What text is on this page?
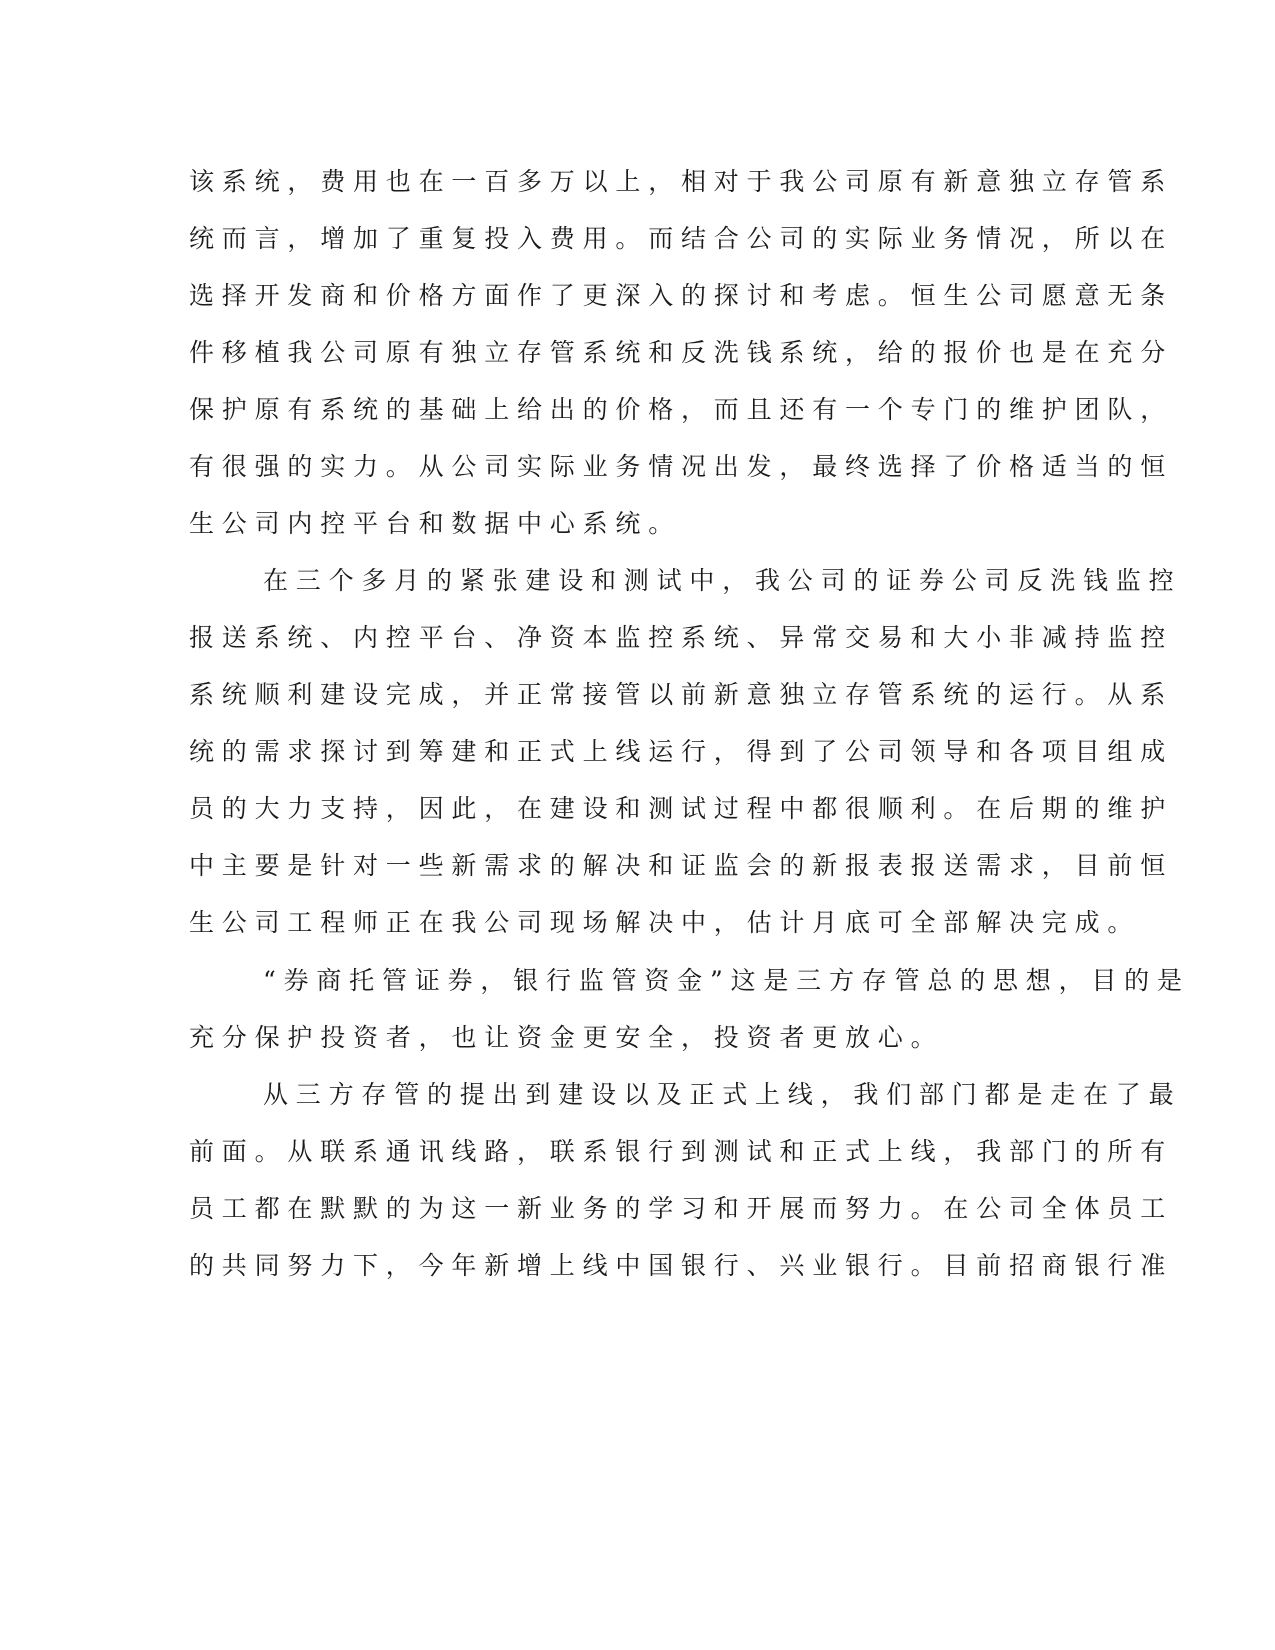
该系统，费用也在一百多万以上，相对于我公司原有新意独立存管系
统而言，增加了重复投入费用。而结合公司的实际业务情况，所以在
选择开发商和价格方面作了更深入的探讨和考虑。恒生公司愿意无条
件移植我公司原有独立存管系统和反洗钱系统，给的报价也是在充分
保护原有系统的基础上给出的价格，而且还有一个专门的维护团队，
有很强的实力。从公司实际业务情况出发，最终选择了价格适当的恒
生公司内控平台和数据中心系统。
在三个多月的紧张建设和测试中，我公司的证券公司反洗钱监控
报送系统、内控平台、净资本监控系统、异常交易和大小非减持监控
系统顺利建设完成，并正常接管以前新意独立存管系统的运行。从系
统的需求探讨到筹建和正式上线运行，得到了公司领导和各项目组成
员的大力支持，因此，在建设和测试过程中都很顺利。在后期的维护
中主要是针对一些新需求的解决和证监会的新报表报送需求，目前恒
生公司工程师正在我公司现场解决中，估计月底可全部解决完成。
“券商托管证券，银行监管资金”这是三方存管总的思想，目的是
充分保护投资者，也让资金更安全，投资者更放心。
从三方存管的提出到建设以及正式上线，我们部门都是走在了最
前面。从联系通讯线路，联系银行到测试和正式上线，我部门的所有
员工都在默默的为这一新业务的学习和开展而努力。在公司全体员工
的共同努力下，今年新增上线中国银行、兴业银行。目前招商银行准
